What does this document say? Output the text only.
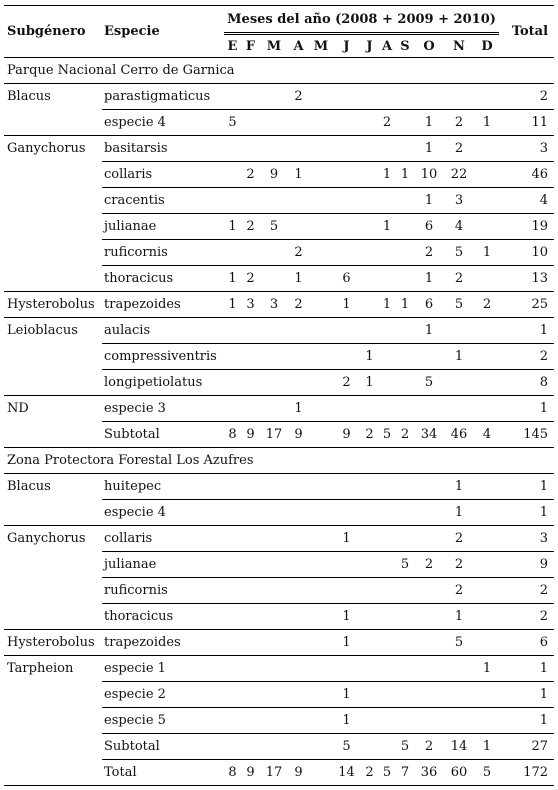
Subgénero	Especie	Meses del año (2008 + 2009 + 2010)												Total
		E	F	M	A	M	J	J	A	S	O	N	D	
Parque Nacional Cerro de Garnica														
Blacus	parastigmaticus				2									2
	especie 4	5							2		1	2	1	11
Ganychorus	basitarsis										1	2		3
	collaris		2	9	1				1	1	10	22		46
	cracentis										1	3		4
	julianae	1	2	5					1		6	4		19
	ruficornis				2						2	5	1	10
	thoracicus	1	2		1		6				1	2		13
Hysterobolus	trapezoides	1	3	3	2		1		1	1	6	5	2	25
Leioblacus	aulacis										1			1
	compressiventris							1				1		2
	longipetiolatus						2	1			5			8
ND	especie 3				1									1
	Subtotal	8	9	17	9		9	2	5	2	34	46	4	145
Zona Protectora Forestal Los Azufres														
Blacus	huitepec											1		1
	especie 4											1		1
Ganychorus	collaris						1					2		3
	julianae									5	2	2		9
	ruficornis											2		2
	thoracicus						1					1		2
Hysterobolus	trapezoides						1					5		6
Tarpheion	especie 1												1	1
	especie 2						1							1
	especie 5						1							1
	Subtotal						5			5	2	14	1	27
	Total	8	9	17	9		14	2	5	7	36	60	5	172
